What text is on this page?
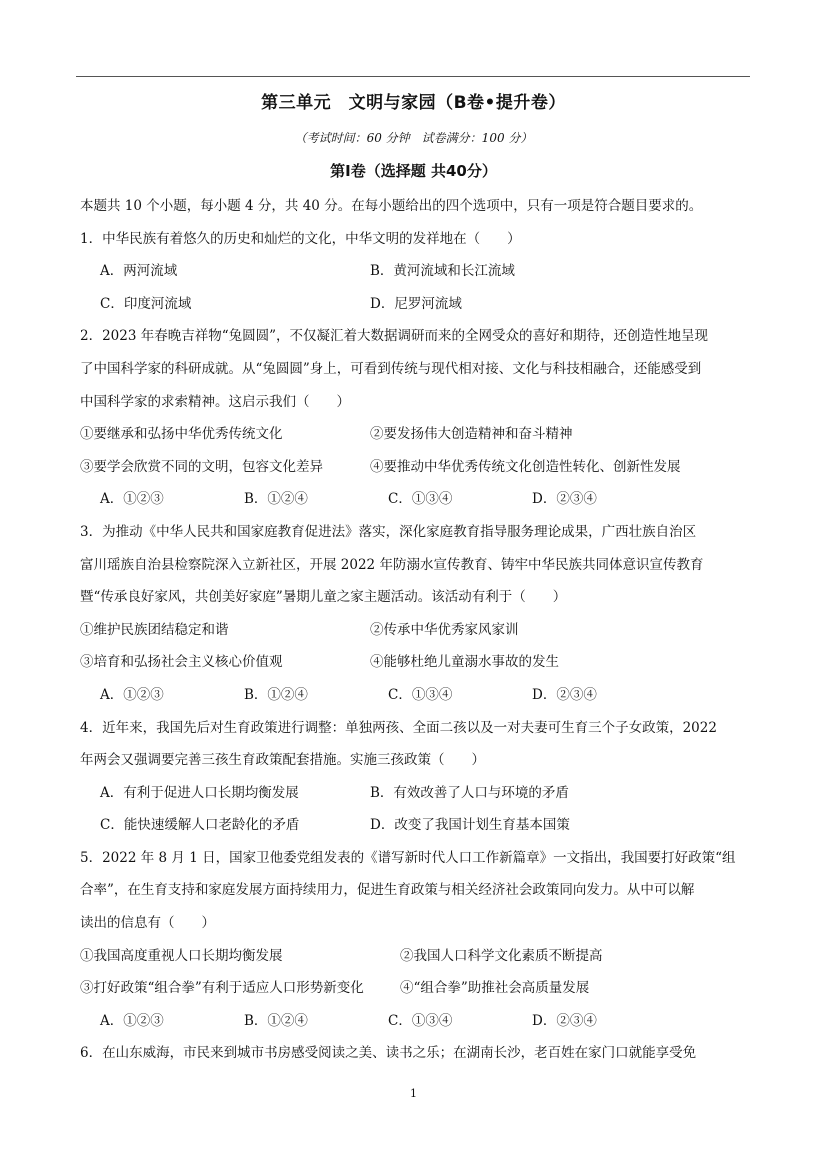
第三单元　文明与家园（B卷•提升卷）
（考试时间：60 分钟　试卷满分：100 分）
第Ⅰ卷（选择题 共40分）
本题共 10 个小题，每小题 4 分，共 40 分。在每小题给出的四个选项中，只有一项是符合题目要求的。
1．中华民族有着悠久的历史和灿烂的文化，中华文明的发祥地在（　　）
A．两河流域	B．黄河流域和长江流域
C．印度河流域	D．尼罗河流域
2．2023 年春晚吉祥物“兔圆圆”，不仅凝汇着大数据调研而来的全网受众的喜好和期待，还创造性地呈现
了中国科学家的科研成就。从“兔圆圆”身上，可看到传统与现代相对接、文化与科技相融合，还能感受到
中国科学家的求索精神。这启示我们（　　）
①要继承和弘扬中华优秀传统文化	②要发扬伟大创造精神和奋斗精神
③要学会欣赏不同的文明，包容文化差异	④要推动中华优秀传统文化创造性转化、创新性发展
A．①②③	B．①②④	C．①③④	D．②③④
3．为推动《中华人民共和国家庭教育促进法》落实，深化家庭教育指导服务理论成果，广西壮族自治区
富川瑶族自治县检察院深入立新社区，开展 2022 年防溺水宣传教育、铸牢中华民族共同体意识宣传教育
暨“传承良好家风，共创美好家庭”暑期儿童之家主题活动。该活动有利于（　　）
①维护民族团结稳定和谐	②传承中华优秀家风家训
③培育和弘扬社会主义核心价值观	④能够杜绝儿童溺水事故的发生
A．①②③	B．①②④	C．①③④	D．②③④
4．近年来，我国先后对生育政策进行调整：单独两孩、全面二孩以及一对夫妻可生育三个子女政策，2022
年两会又强调要完善三孩生育政策配套措施。实施三孩政策（　　）
A．有利于促进人口长期均衡发展	B．有效改善了人口与环境的矛盾
C．能快速缓解人口老龄化的矛盾	D．改变了我国计划生育基本国策
5．2022 年 8 月 1 日，国家卫他委党组发表的《谱写新时代人口工作新篇章》一文指出，我国要打好政策“组
合率”，在生育支持和家庭发展方面持续用力，促进生育政策与相关经济社会政策同向发力。从中可以解
读出的信息有（　　）
①我国高度重视人口长期均衡发展	②我国人口科学文化素质不断提高
③打好政策“组合拳”有利于适应人口形势新变化	④“组合拳”助推社会高质量发展
A．①②③	B．①②④	C．①③④	D．②③④
6．在山东威海，市民来到城市书房感受阅读之美、读书之乐；在湖南长沙，老百姓在家门口就能享受免
1
